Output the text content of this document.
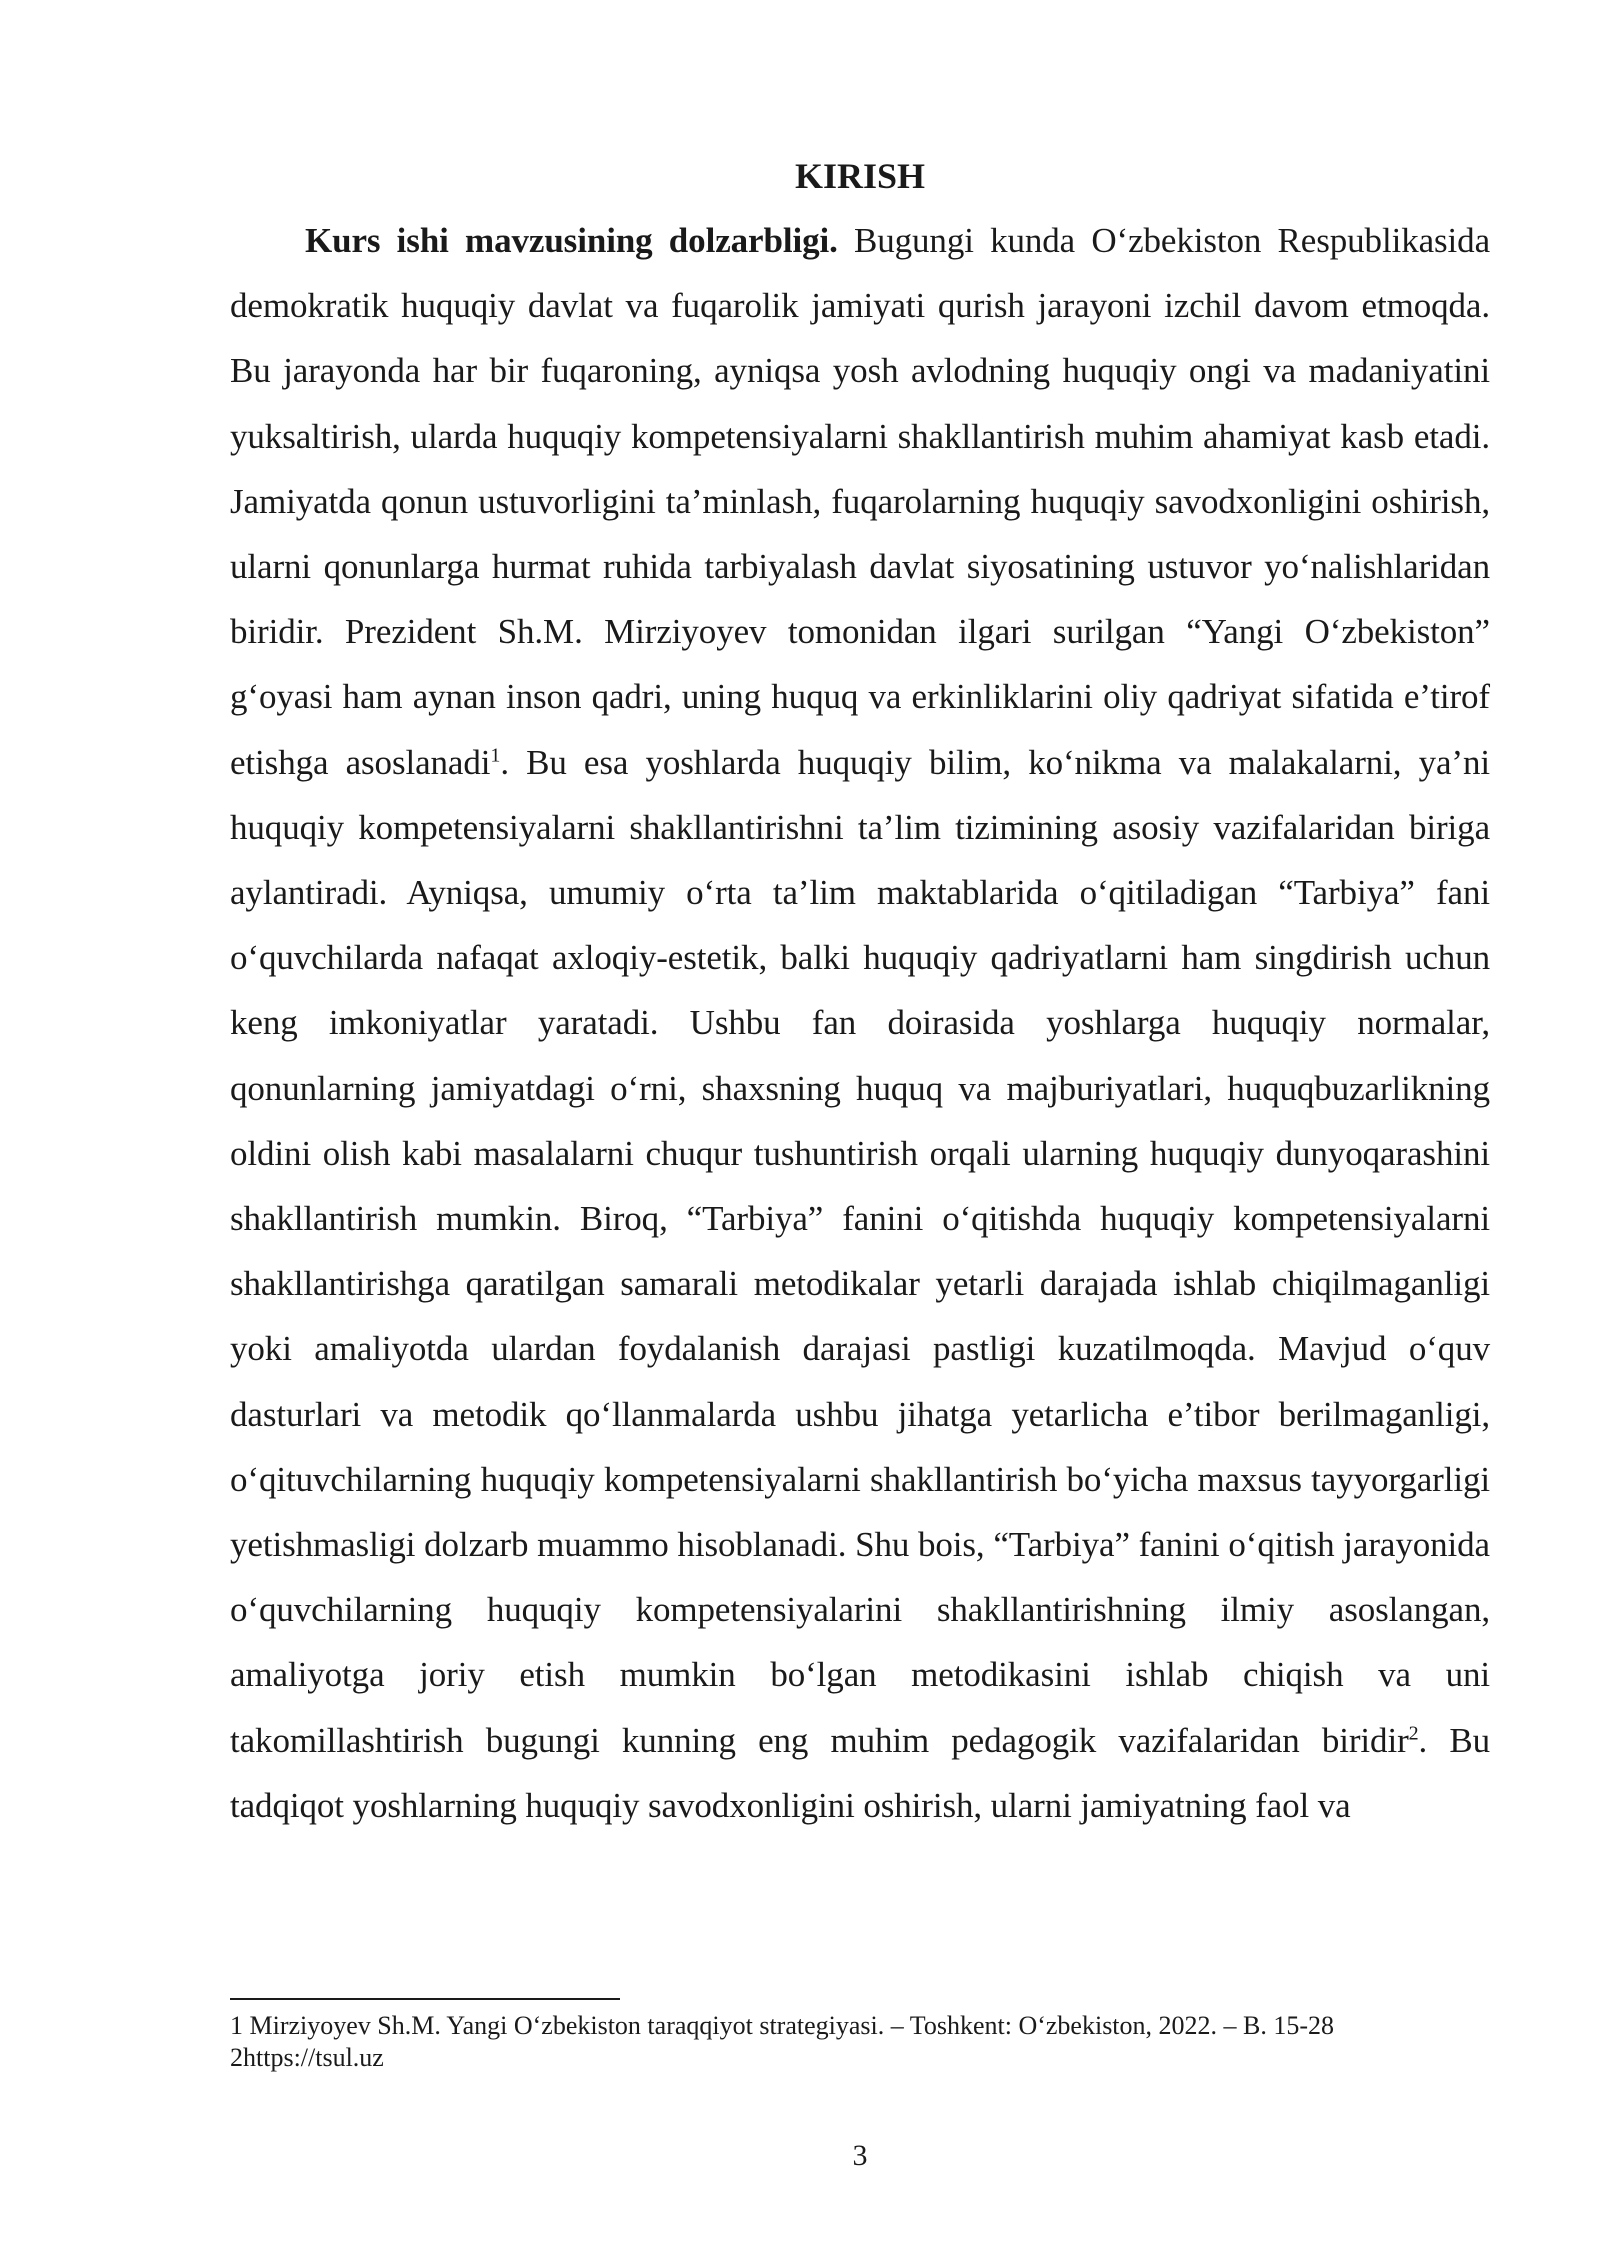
KIRISH

Kurs ishi mavzusining dolzarbligi. Bugungi kunda O‘zbekiston Respublikasida demokratik huquqiy davlat va fuqarolik jamiyati qurish jarayoni izchil davom etmoqda. Bu jarayonda har bir fuqaroning, ayniqsa yosh avlodning huquqiy ongi va madaniyatini yuksaltirish, ularda huquqiy kompetensiyalarni shakllantirish muhim ahamiyat kasb etadi. Jamiyatda qonun ustuvorligini ta’minlash, fuqarolarning huquqiy savodxonligini oshirish, ularni qonunlarga hurmat ruhida tarbiyalash davlat siyosatining ustuvor yo‘nalishlaridan biridir. Prezident Sh.M. Mirziyoyev tomonidan ilgari surilgan “Yangi O‘zbekiston” g‘oyasi ham aynan inson qadri, uning huquq va erkinliklarini oliy qadriyat sifatida e’tirof etishga asoslanadi$^1$. Bu esa yoshlarda huquqiy bilim, ko‘nikma va malakalarni, ya’ni huquqiy kompetensiyalarni shakllantirishni ta’lim tizimining asosiy vazifalaridan biriga aylantiradi. Ayniqsa, umumiy o‘rta ta’lim maktablarida o‘qitiladigan “Tarbiya” fani o‘quvchilarda nafaqat axloqiy-estetik, balki huquqiy qadriyatlarni ham singdirish uchun keng imkoniyatlar yaratadi. Ushbu fan doirasida yoshlarga huquqiy normalar, qonunlarning jamiyatdagi o‘rni, shaxsning huquq va majburiyatlari, huquqbuzarlikning oldini olish kabi masalalarni chuqur tushuntirish orqali ularning huquqiy dunyoqarashini shakllantirish mumkin. Biroq, “Tarbiya” fanini o‘qitishda huquqiy kompetensiyalarni shakllantirishga qaratilgan samarali metodikalar yetarli darajada ishlab chiqilmaganligi yoki amaliyotda ulardan foydalanish darajasi pastligi kuzatilmoqda. Mavjud o‘quv dasturlari va metodik qo‘llanmalarda ushbu jihatga yetarlicha e’tibor berilmaganligi, o‘qituvchilarning huquqiy kompetensiyalarni shakllantirish bo‘yicha maxsus tayyorgarligi yetishmasligi dolzarb muammo hisoblanadi. Shu bois, “Tarbiya” fanini o‘qitish jarayonida o‘quvchilarning huquqiy kompetensiyalarini shakllantirishning ilmiy asoslangan, amaliyotga joriy etish mumkin bo‘lgan metodikasini ishlab chiqish va uni takomillashtirish bugungi kunning eng muhim pedagogik vazifalaridan biridir$^2$. Bu tadqiqot yoshlarning huquqiy savodxonligini oshirish, ularni jamiyatning faol va

1 Mirziyoyev Sh.M. Yangi O‘zbekiston taraqqiyot strategiyasi. – Toshkent: O‘zbekiston, 2022. – B. 15-28

2https://tsul.uz

3
